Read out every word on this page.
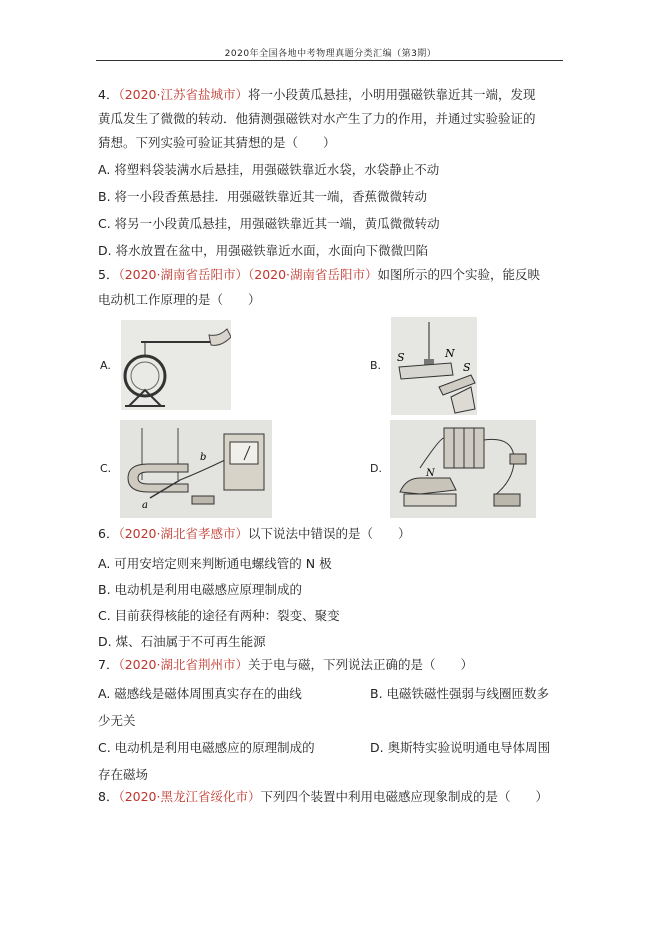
2020年全国各地中考物理真题分类汇编（第3期）
4．（2020·江苏省盐城市）将一小段黄瓜悬挂，小明用强磁铁靠近其一端，发现
黄瓜发生了微微的转动．他猜测强磁铁对水产生了力的作用，并通过实验验证的
猜想。下列实验可验证其猜想的是（　　）
A. 将塑料袋装满水后悬挂，用强磁铁靠近水袋，水袋静止不动
B. 将一小段香蕉悬挂．用强磁铁靠近其一端，香蕉微微转动
C. 将另一小段黄瓜悬挂，用强磁铁靠近其一端，黄瓜微微转动
D. 将水放置在盆中，用强磁铁靠近水面，水面向下微微凹陷
5．（2020·湖南省岳阳市）（2020·湖南省岳阳市）如图所示的四个实验，能反映
电动机工作原理的是（　　）
A.	B.
C.	D.
S	N
S
b
a
N
6．（2020·湖北省孝感市）以下说法中错误的是（　　）
A. 可用安培定则来判断通电螺线管的 N 极
B. 电动机是利用电磁感应原理制成的
C. 目前获得核能的途径有两种：裂变、聚变
D. 煤、石油属于不可再生能源
7．（2020·湖北省荆州市）关于电与磁，下列说法正确的是（　　）
A. 磁感线是磁体周围真实存在的曲线	B. 电磁铁磁性强弱与线圈匝数多
少无关
C. 电动机是利用电磁感应的原理制成的	D. 奥斯特实验说明通电导体周围
存在磁场
8．（2020·黑龙江省绥化市）下列四个装置中利用电磁感应现象制成的是（　　）
